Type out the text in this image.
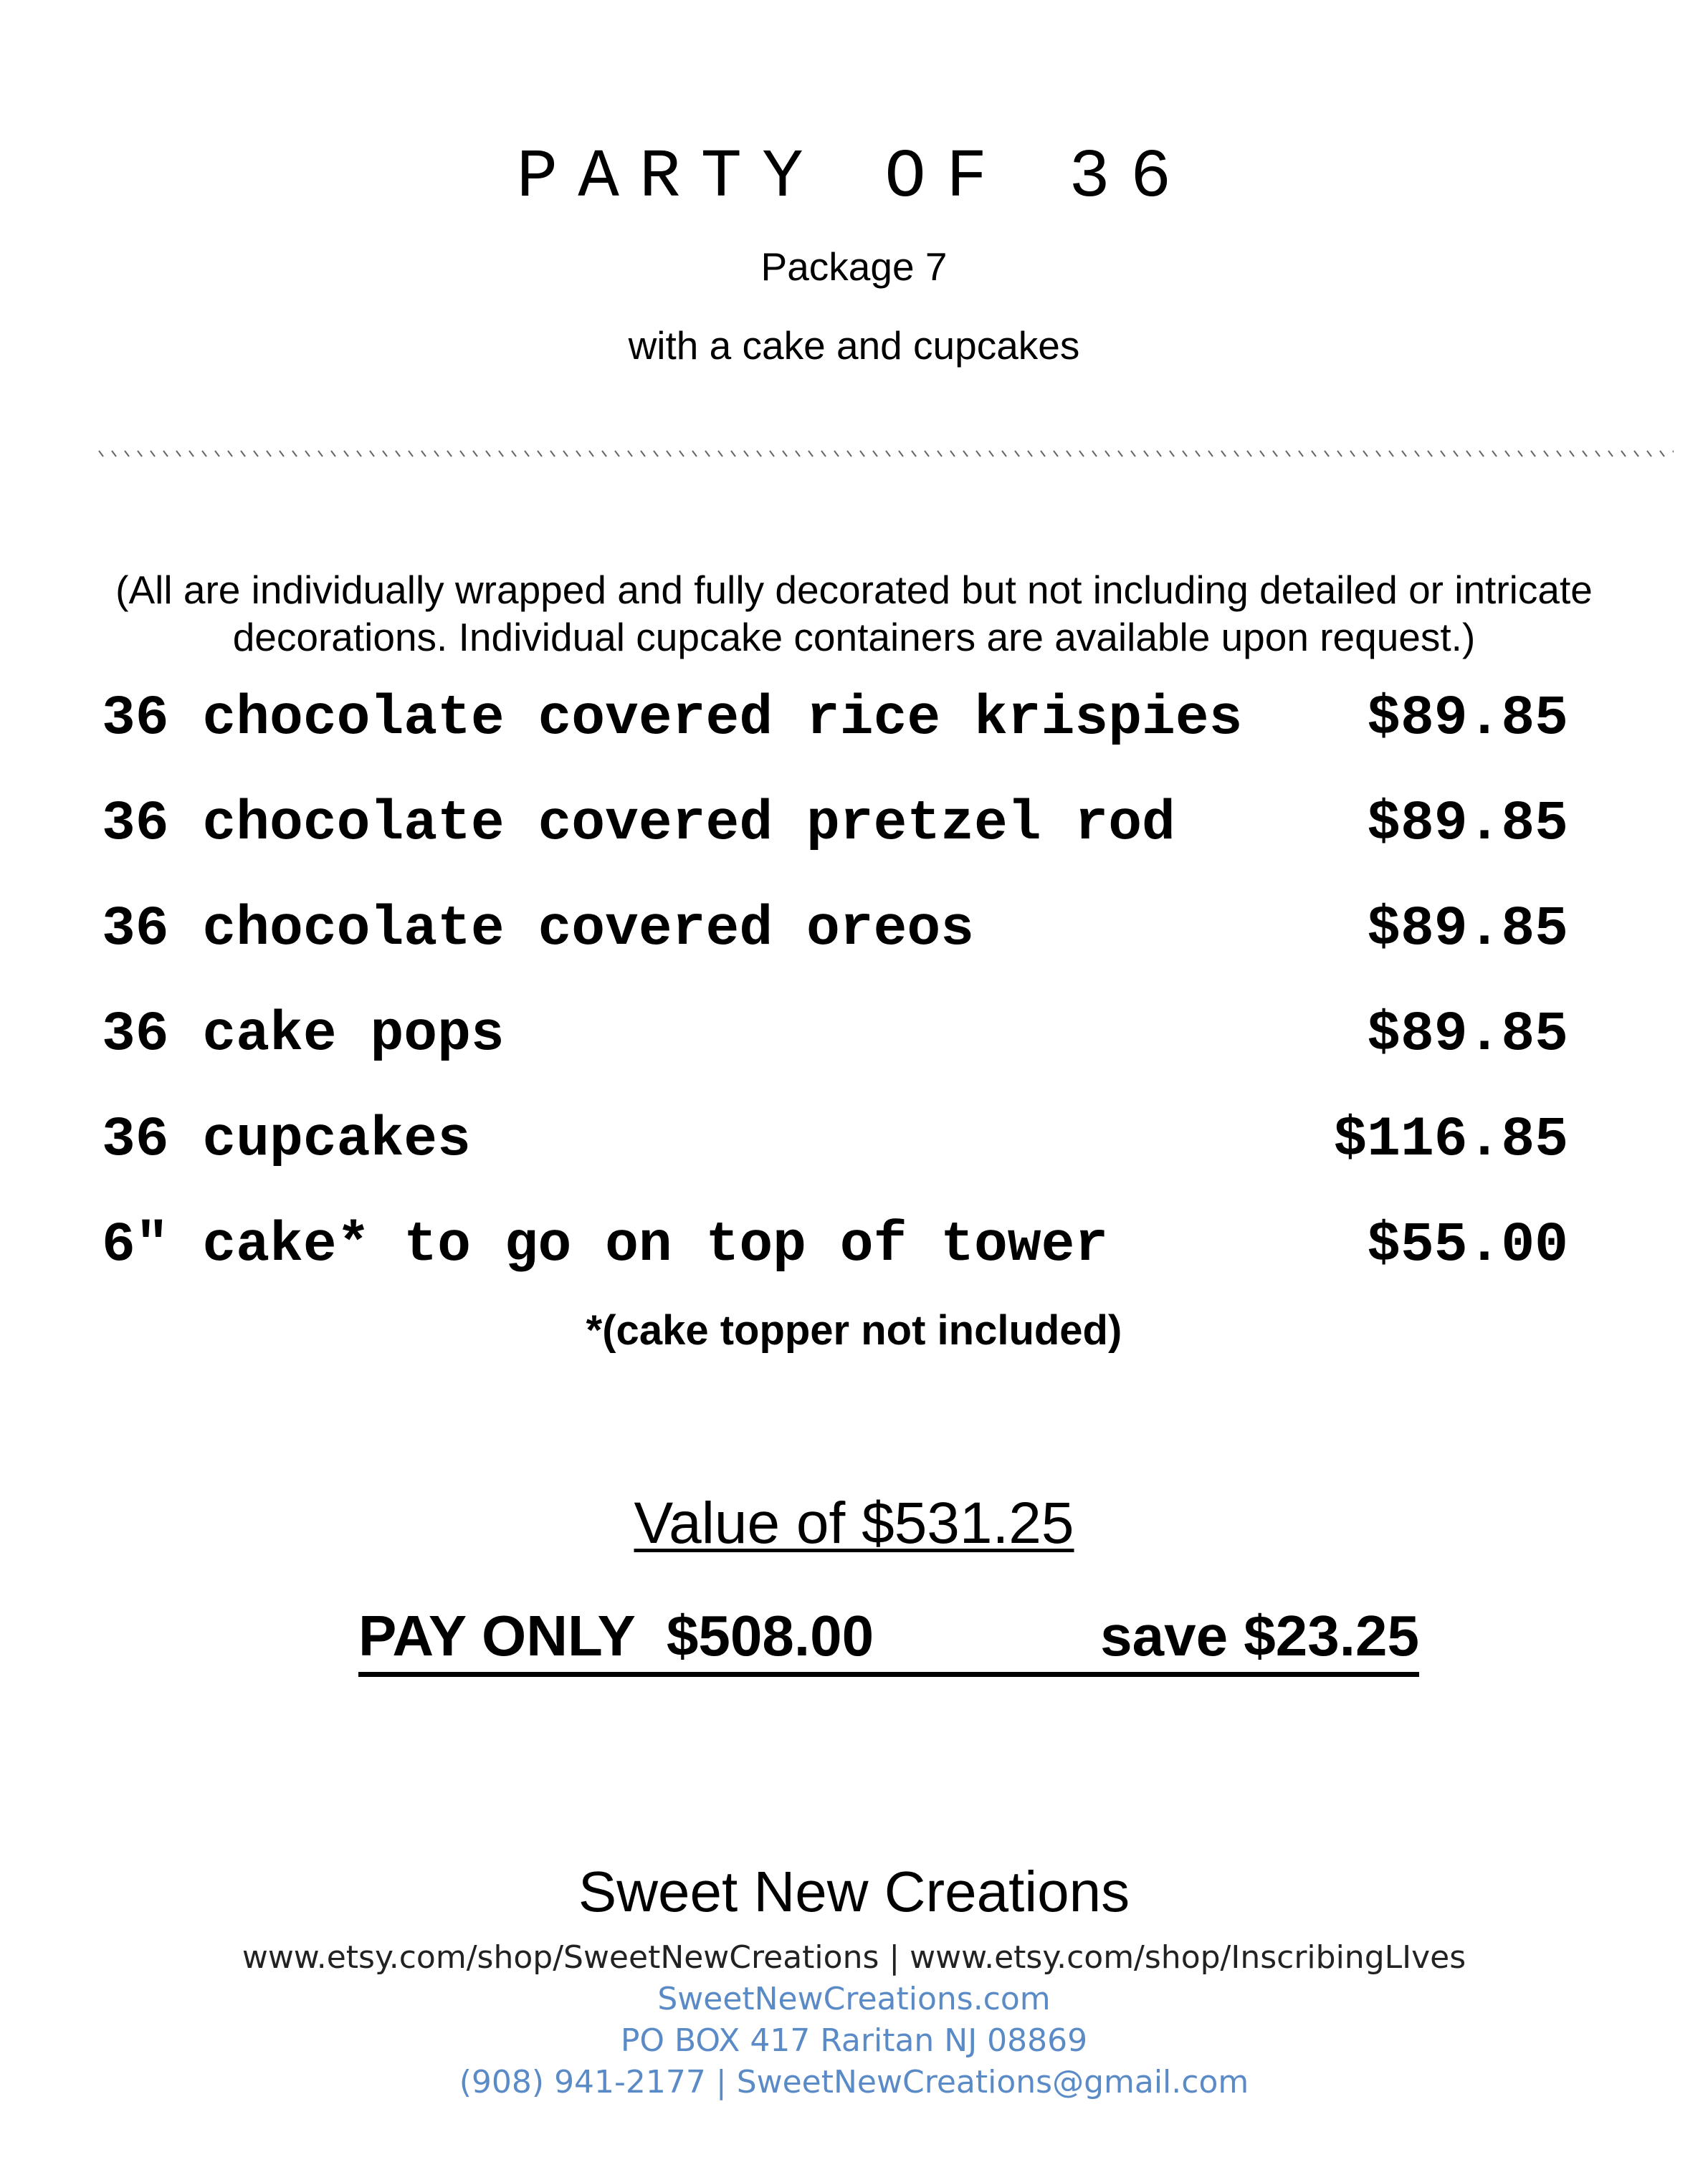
PARTY OF 36
Package 7
with a cake and cupcakes
(All are individually wrapped and fully decorated but not including detailed or intricate
decorations. Individual cupcake containers are available upon request.)
36 chocolate covered rice krispies $89.85
36 chocolate covered pretzel rod	$89.85
36 chocolate covered oreos	$89.85
36 cake pops	$89.85
36 cupcakes	$116.85
6″ cake* to go on top of tower	$55.00
*(cake topper not included)
Value of $531.25
PAY ONLY  $508.00	save $23.25
Sweet New Creations
www.etsy.com/shop/SweetNewCreations | www.etsy.com/shop/InscribingLIves
SweetNewCreations.com
PO BOX 417 Raritan NJ 08869
(908) 941-2177 | SweetNewCreations@gmail.com
